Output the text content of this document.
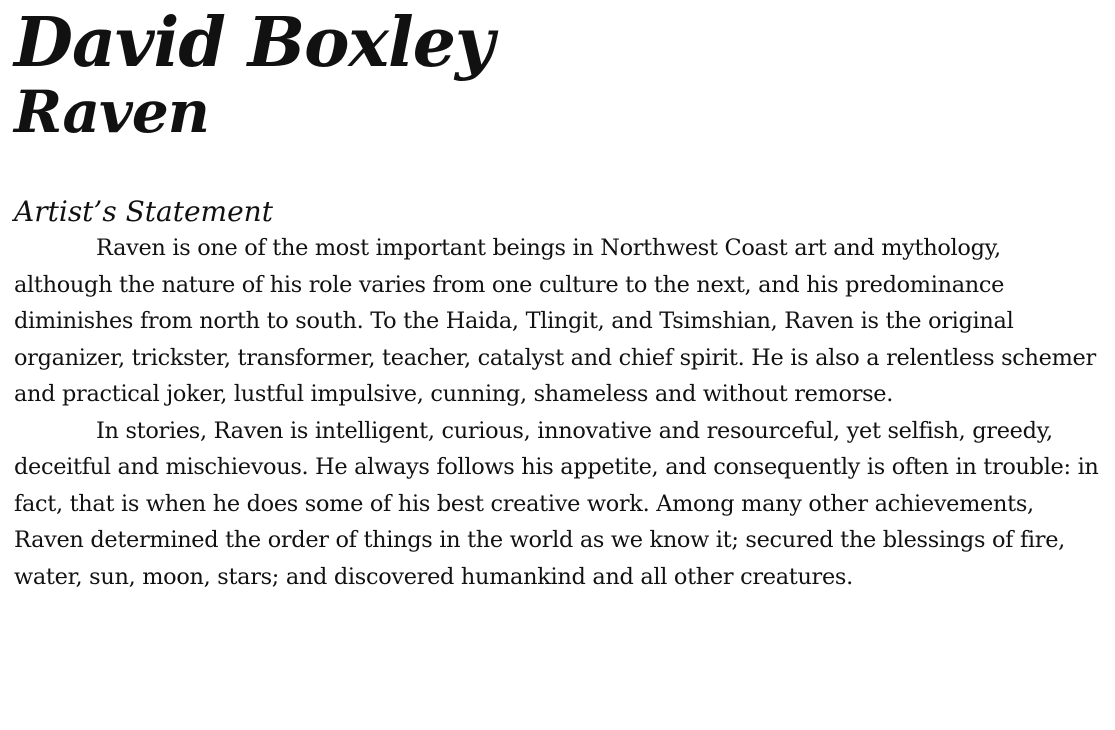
David Boxley
Raven
Artist’s Statement

Raven is one of the most important beings in Northwest Coast art and mythology, although the nature of his role varies from one culture to the next, and his predominance diminishes from north to south. To the Haida, Tlingit, and Tsimshian, Raven is the original organizer, trickster, transformer, teacher, catalyst and chief spirit. He is also a relentless schemer and practical joker, lustful impulsive, cunning, shameless and without remorse.

In stories, Raven is intelligent, curious, innovative and resourceful, yet selfish, greedy, deceitful and mischievous. He always follows his appetite, and consequently is often in trouble: in fact, that is when he does some of his best creative work. Among many other achievements, Raven determined the order of things in the world as we know it; secured the blessings of fire, water, sun, moon, stars; and discovered humankind and all other creatures.
